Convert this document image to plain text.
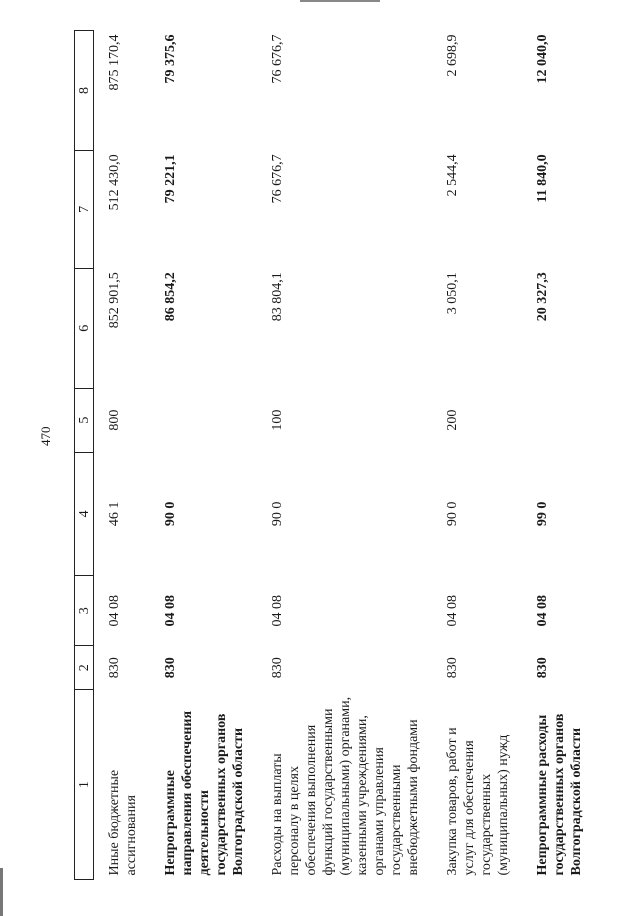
470
1	2	3	4	5	6	7	8
Иные бюджетные ассигнования	830	04 08	46 1	800	852 901,5	512 430,0	875 170,4
Непрограммные направления обеспечения деятельности государственных органов Волгоградской области	830	04 08	90 0		86 854,2	79 221,1	79 375,6
Расходы на выплаты персоналу в целях обеспечения выполнения функций государственными (муниципальными) органами, казенными учреждениями, органами управления государственными внебюджетными фондами	830	04 08	90 0	100	83 804,1	76 676,7	76 676,7
Закупка товаров, работ и услуг для обеспечения государственных (муниципальных) нужд	830	04 08	90 0	200	3 050,1	2 544,4	2 698,9
Непрограммные расходы государственных органов Волгоградской области	830	04 08	99 0		20 327,3	11 840,0	12 040,0
